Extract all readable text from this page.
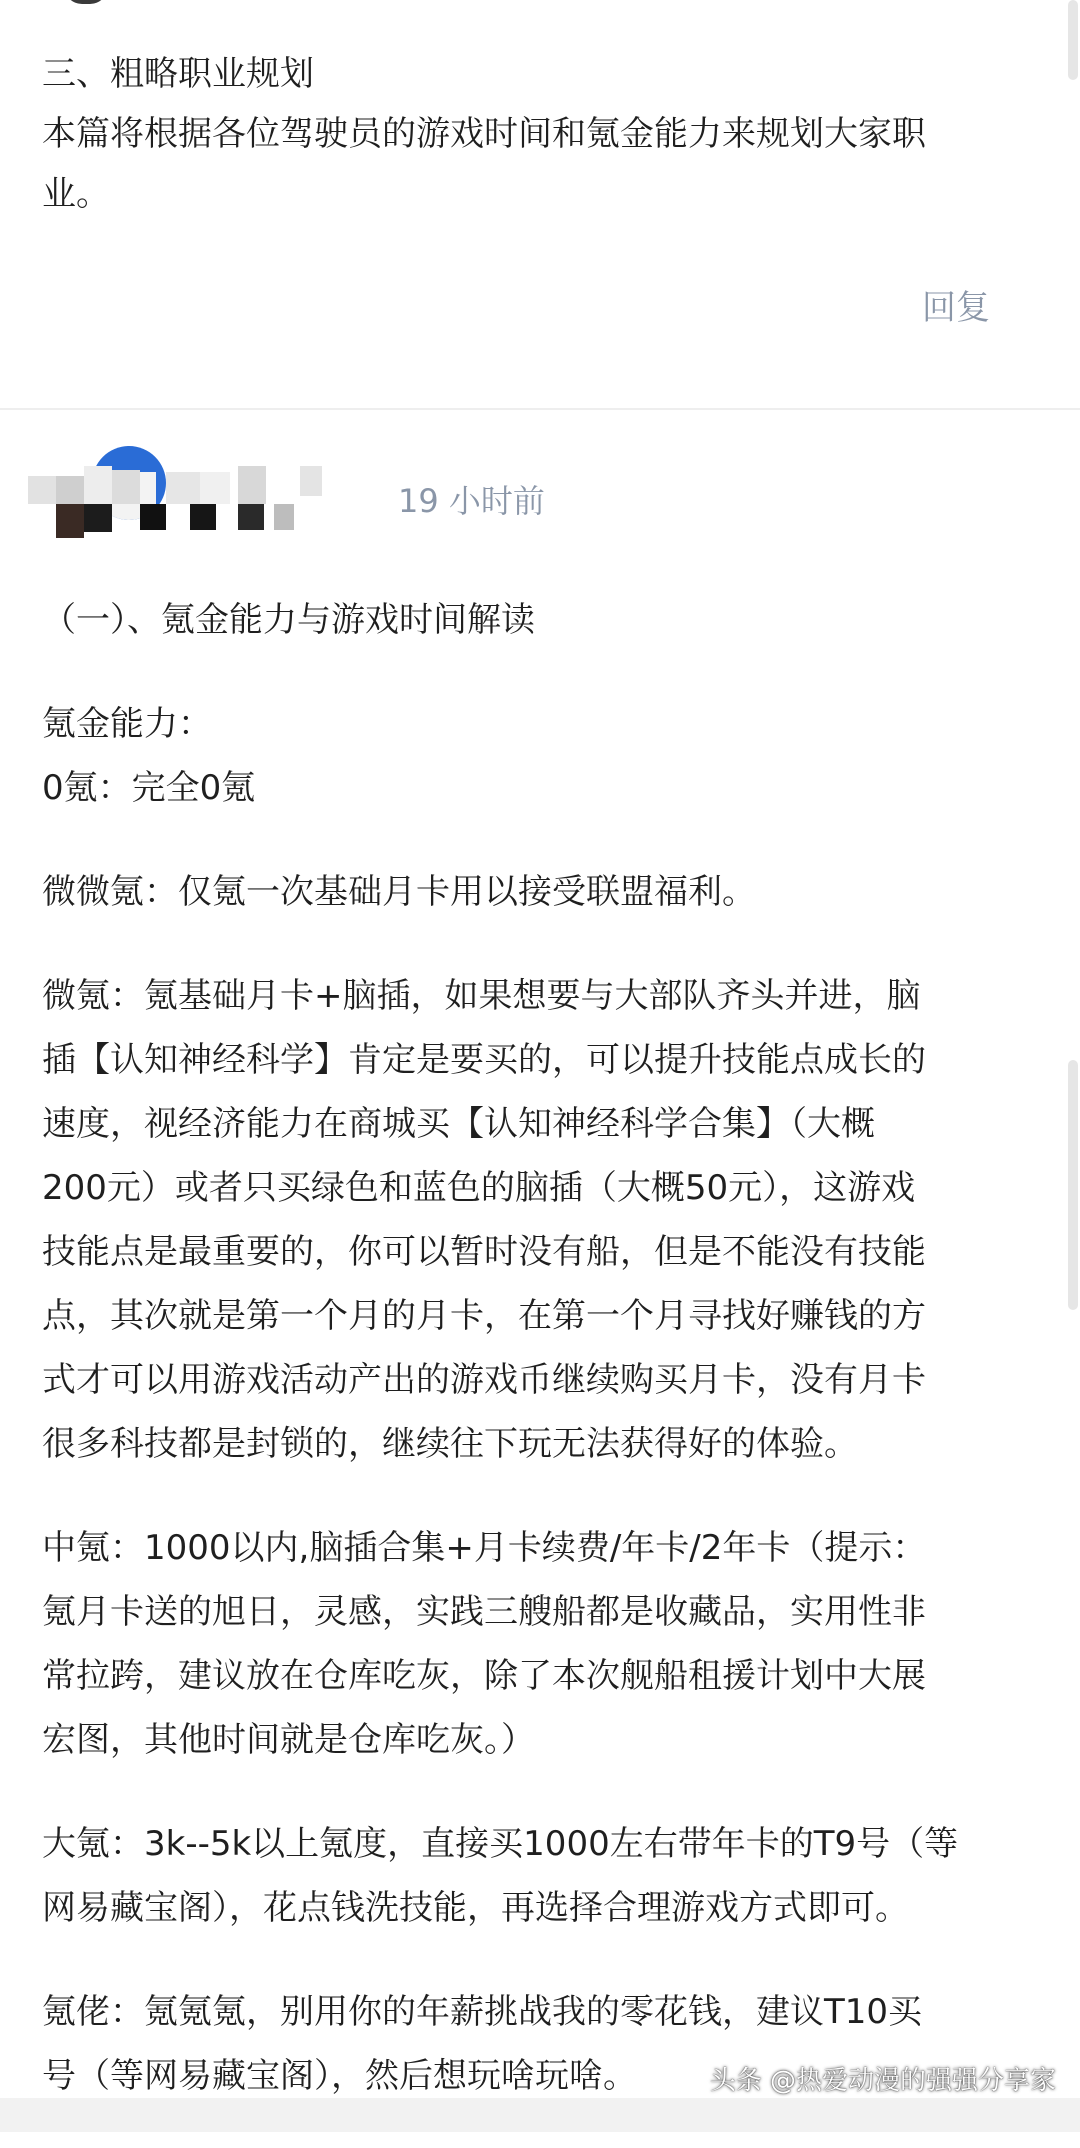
三、粗略职业规划

本篇将根据各位驾驶员的游戏时间和氪金能力来规划大家职

业。

回复
19 小时前
（一）、氪金能力与游戏时间解读
氪金能力：
0氪：完全0氪
微微氪：仅氪一次基础月卡用以接受联盟福利。
微氪：氪基础月卡+脑插，如果想要与大部队齐头并进，脑
插【认知神经科学】肯定是要买的，可以提升技能点成长的
速度，视经济能力在商城买【认知神经科学合集】（大概
200元）或者只买绿色和蓝色的脑插（大概50元），这游戏
技能点是最重要的，你可以暂时没有船，但是不能没有技能
点，其次就是第一个月的月卡，在第一个月寻找好赚钱的方
式才可以用游戏活动产出的游戏币继续购买月卡，没有月卡
很多科技都是封锁的，继续往下玩无法获得好的体验。
中氪：1000以内,脑插合集+月卡续费/年卡/2年卡（提示：
氪月卡送的旭日，灵感，实践三艘船都是收藏品，实用性非
常拉跨，建议放在仓库吃灰，除了本次舰船租援计划中大展
宏图，其他时间就是仓库吃灰。）
大氪：3k--5k以上氪度，直接买1000左右带年卡的T9号（等
网易藏宝阁），花点钱洗技能，再选择合理游戏方式即可。
氪佬：氪氪氪，别用你的年薪挑战我的零花钱，建议T10买
号（等网易藏宝阁），然后想玩啥玩啥。	头条 @热爱动漫的强强分享家
